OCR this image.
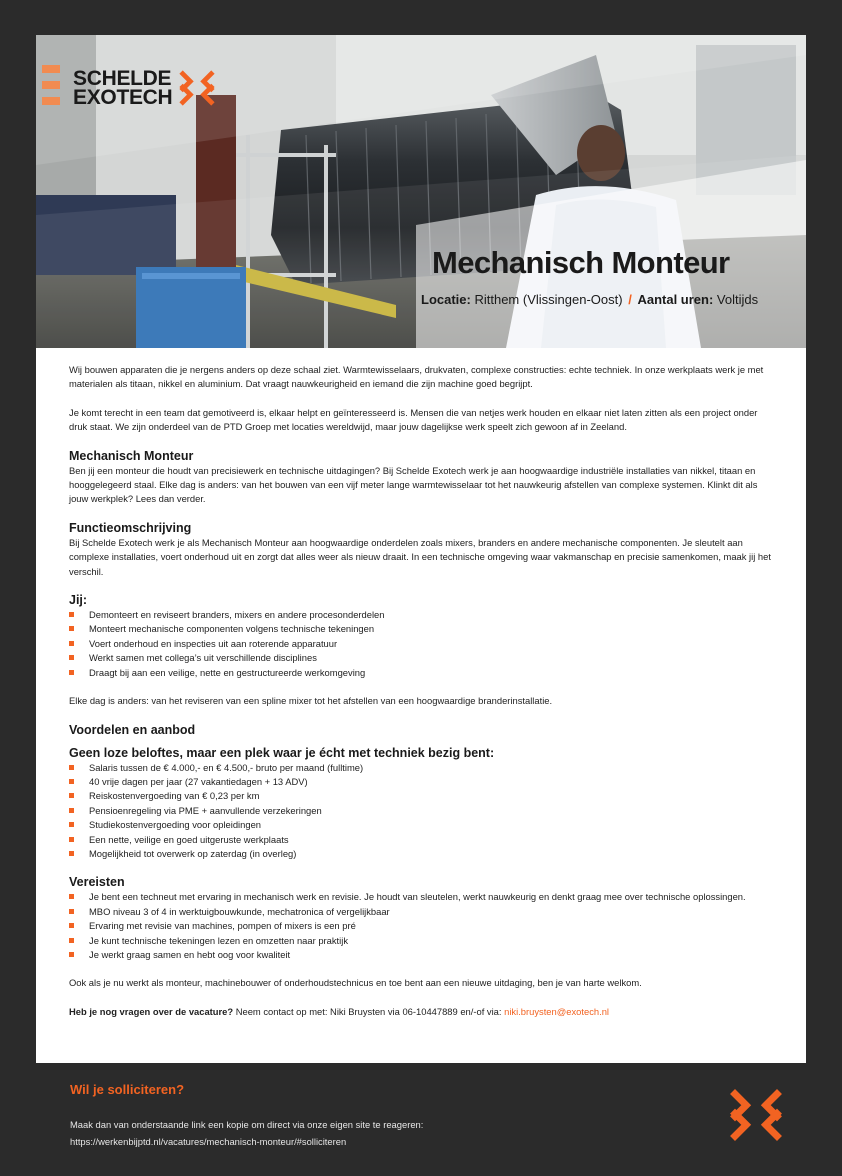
SCHELDE
EXOTECH
Mechanisch Monteur
Locatie: Ritthem (Vlissingen-Oost) / Aantal uren: Voltijds

Wij bouwen apparaten die je nergens anders op deze schaal ziet. Warmtewisselaars, drukvaten, complexe constructies: echte techniek. In onze werkplaats werk je met materialen als titaan, nikkel en aluminium. Dat vraagt nauwkeurigheid en iemand die zijn machine goed begrijpt.

Je komt terecht in een team dat gemotiveerd is, elkaar helpt en geïnteresseerd is. Mensen die van netjes werk houden en elkaar niet laten zitten als een project onder druk staat. We zijn onderdeel van de PTD Groep met locaties wereldwijd, maar jouw dagelijkse werk speelt zich gewoon af in Zeeland.

Mechanisch Monteur

Ben jij een monteur die houdt van precisiewerk en technische uitdagingen? Bij Schelde Exotech werk je aan hoogwaardige industriële installaties van nikkel, titaan en hooggelegeerd staal. Elke dag is anders: van het bouwen van een vijf meter lange warmtewisselaar tot het nauwkeurig afstellen van complexe systemen. Klinkt dit als jouw werkplek? Lees dan verder.

Functieomschrijving

Bij Schelde Exotech werk je als Mechanisch Monteur aan hoogwaardige onderdelen zoals mixers, branders en andere mechanische componenten. Je sleutelt aan complexe installaties, voert onderhoud uit en zorgt dat alles weer als nieuw draait. In een technische omgeving waar vakmanschap en precisie samenkomen, maak jij het verschil.

Jij:
Demonteert en reviseert branders, mixers en andere procesonderdelen
Monteert mechanische componenten volgens technische tekeningen
Voert onderhoud en inspecties uit aan roterende apparatuur
Werkt samen met collega’s uit verschillende disciplines
Draagt bij aan een veilige, nette en gestructureerde werkomgeving

Elke dag is anders: van het reviseren van een spline mixer tot het afstellen van een hoogwaardige branderinstallatie.

Voordelen en aanbod
Geen loze beloftes, maar een plek waar je écht met techniek bezig bent:
Salaris tussen de € 4.000,- en € 4.500,- bruto per maand (fulltime)
40 vrije dagen per jaar (27 vakantiedagen + 13 ADV)
Reiskostenvergoeding van € 0,23 per km
Pensioenregeling via PME + aanvullende verzekeringen
Studiekostenvergoeding voor opleidingen
Een nette, veilige en goed uitgeruste werkplaats
Mogelijkheid tot overwerk op zaterdag (in overleg)
Vereisten
Je bent een techneut met ervaring in mechanisch werk en revisie. Je houdt van sleutelen, werkt nauwkeurig en denkt graag mee over technische oplossingen.
MBO niveau 3 of 4 in werktuigbouwkunde, mechatronica of vergelijkbaar
Ervaring met revisie van machines, pompen of mixers is een pré
Je kunt technische tekeningen lezen en omzetten naar praktijk
Je werkt graag samen en hebt oog voor kwaliteit

Ook als je nu werkt als monteur, machinebouwer of onderhoudstechnicus en toe bent aan een nieuwe uitdaging, ben je van harte welkom.

Heb je nog vragen over de vacature? Neem contact op met: Niki Bruysten via 06-10447889 en/-of via: niki.bruysten@exotech.nl

Wil je solliciteren?
Maak dan van onderstaande link een kopie om direct via onze eigen site te reageren:
https://werkenbijptd.nl/vacatures/mechanisch-monteur/#solliciteren
